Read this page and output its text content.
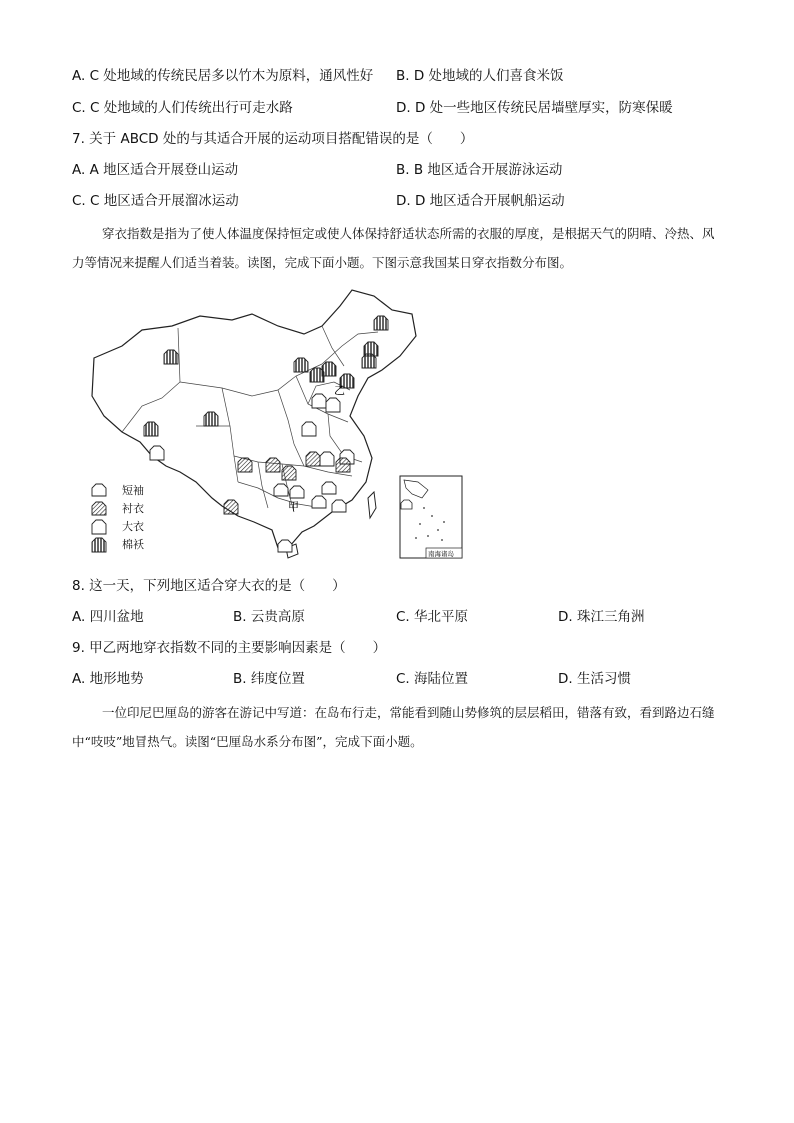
A. C 处地域的传统民居多以竹木为原料，通风性好 B. D 处地域的人们喜食米饭
C. C 处地域的人们传统出行可走水路	D. D 处一些地区传统民居墙壁厚实，防寒保暖
7. 关于 ABCD 处的与其适合开展的运动项目搭配错误的是（　　）
A. A 地区适合开展登山运动	B. B 地区适合开展游泳运动
C. C 地区适合开展溜冰运动	D. D 地区适合开展帆船运动
穿衣指数是指为了使人体温度保持恒定或使人体保持舒适状态所需的衣服的厚度，是根据天气的阴晴、冷热、风力等情况来提醒人们适当着装。读图，完成下面小题。下图示意我国某日穿衣指数分布图。
甲
乙
短袖
衬衣
大衣
棉袄
南海诸岛
8. 这一天，下列地区适合穿大衣的是（　　）
A. 四川盆地	B. 云贵高原	C. 华北平原	D. 珠江三角洲
9. 甲乙两地穿衣指数不同的主要影响因素是（　　）
A. 地形地势	B. 纬度位置	C. 海陆位置	D. 生活习惯
一位印尼巴厘岛的游客在游记中写道：在岛布行走，常能看到随山势修筑的层层稻田，错落有致，看到路边石缝中“吱吱”地冒热气。读图“巴厘岛水系分布图”，完成下面小题。
